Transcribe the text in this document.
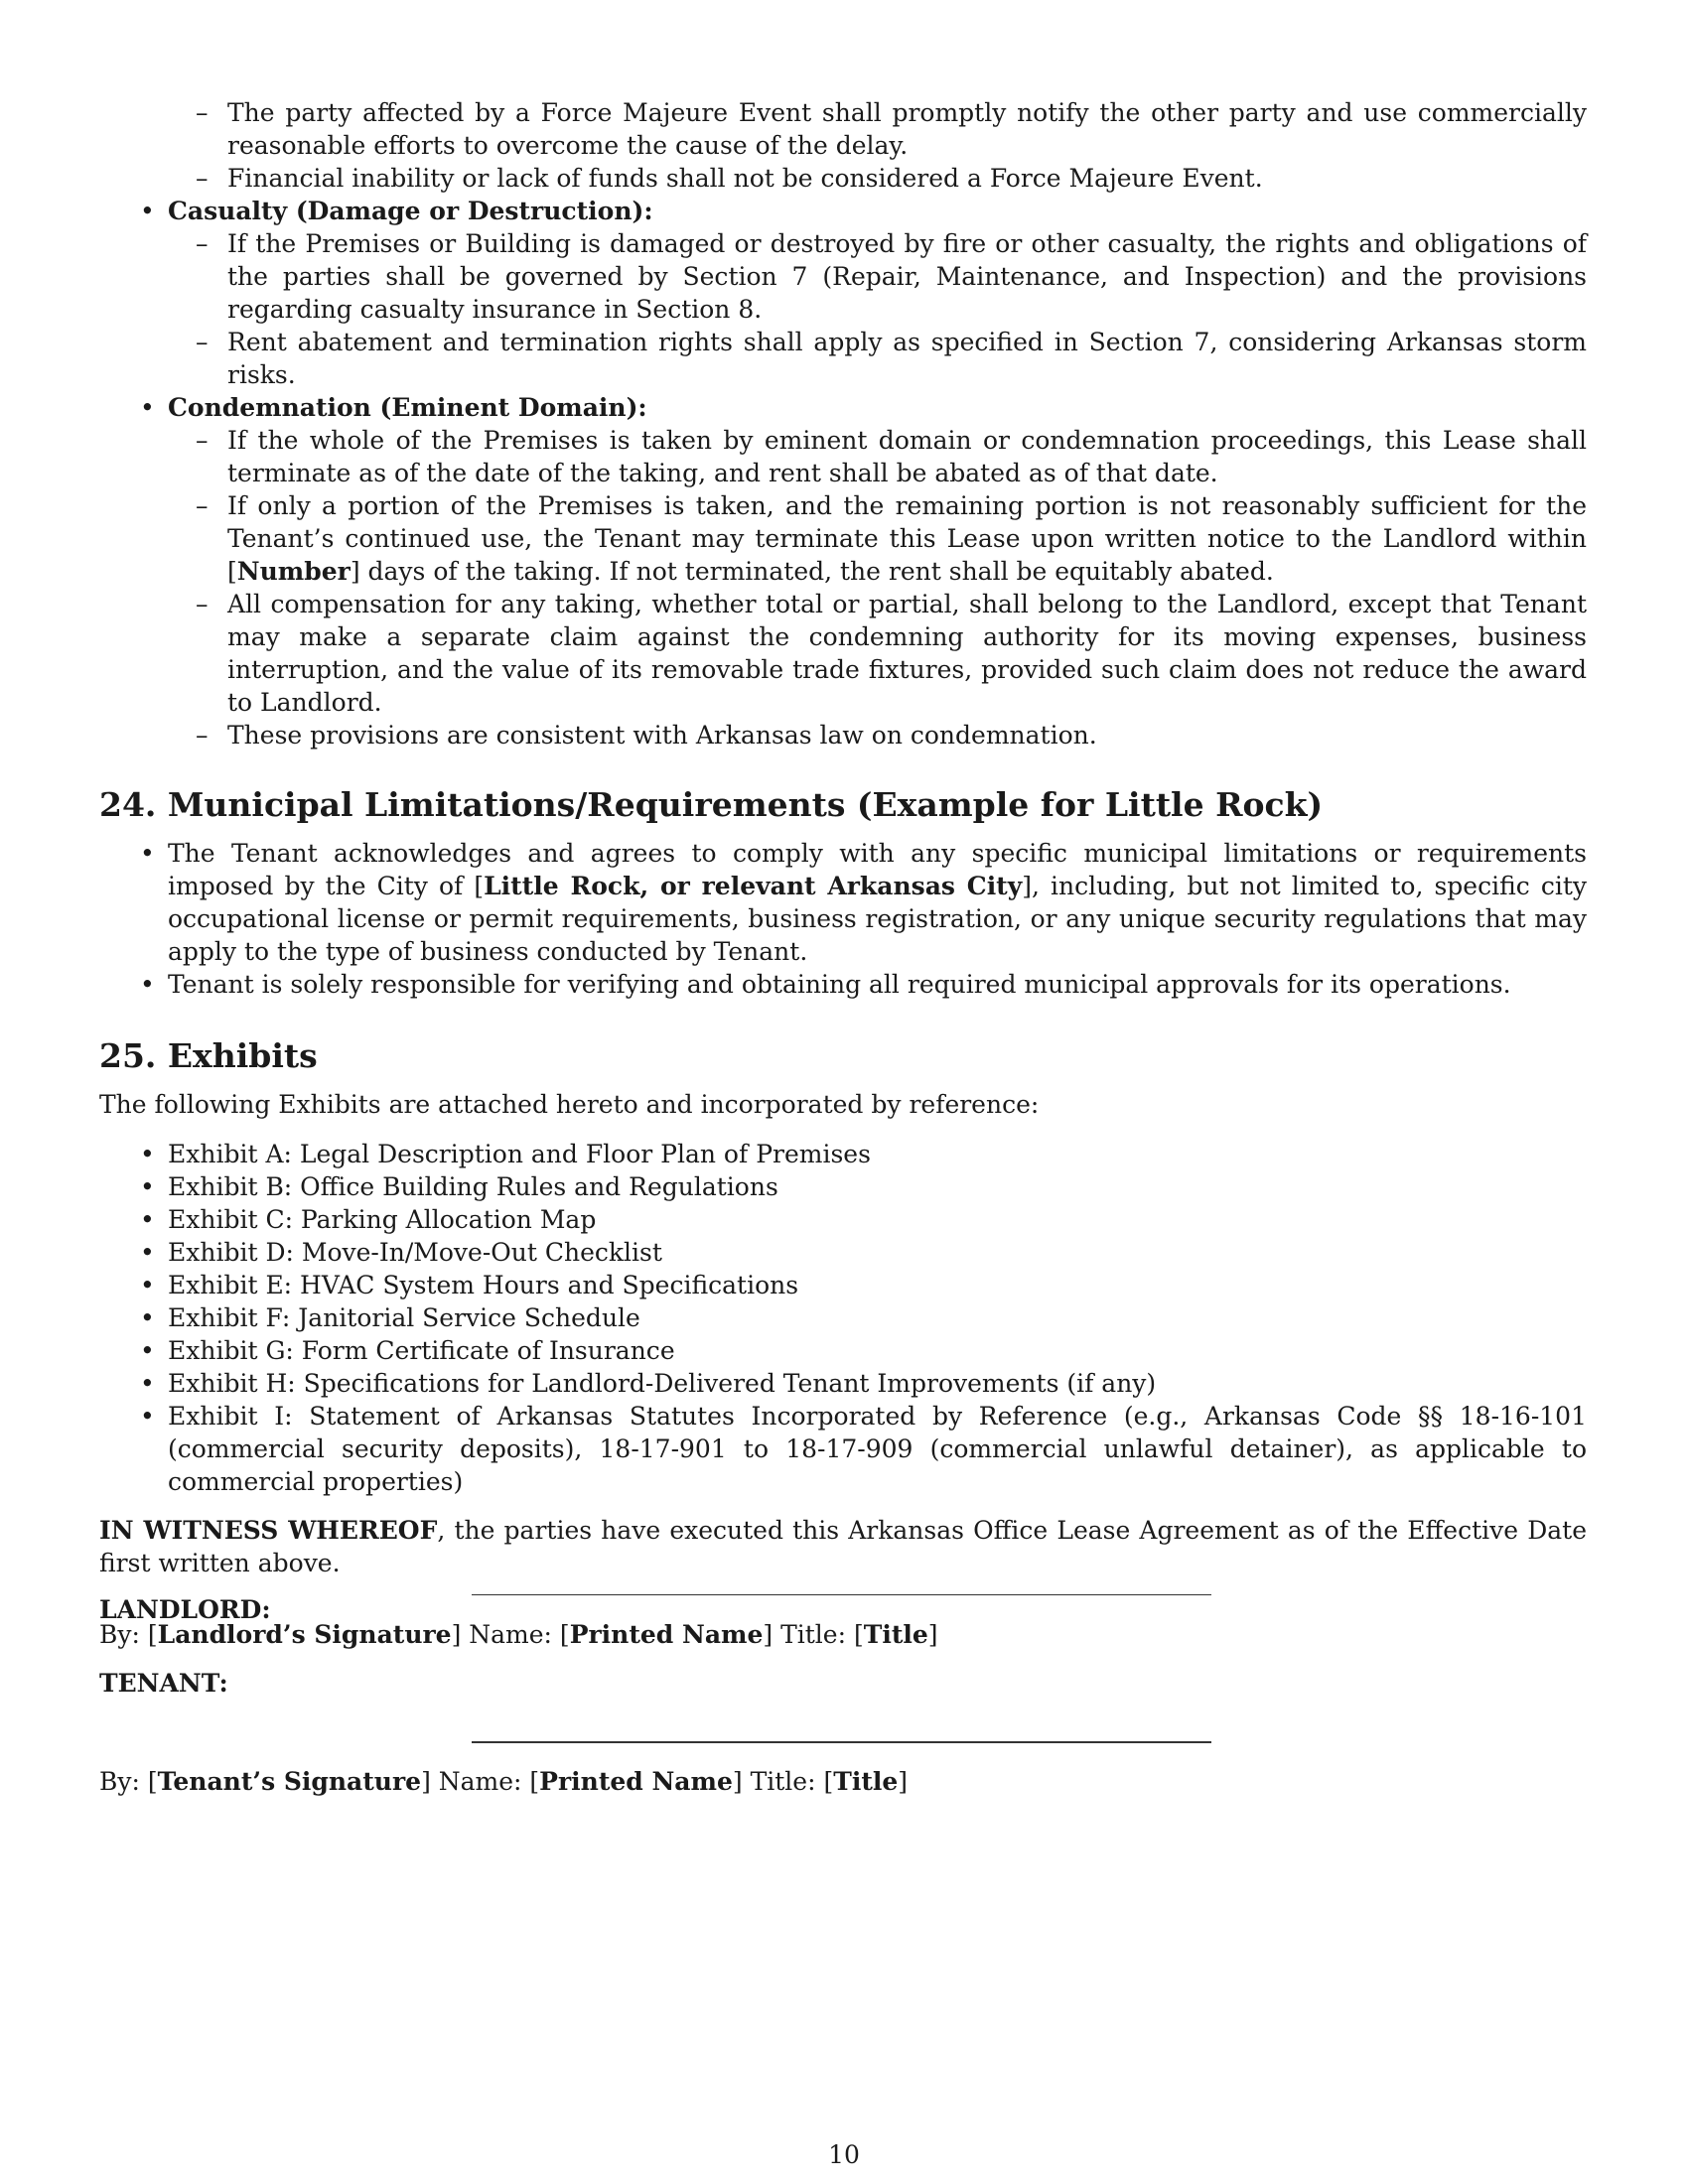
– The party affected by a Force Majeure Event shall promptly notify the other party and use commercially reasonable efforts to overcome the cause of the delay.
– Financial inability or lack of funds shall not be considered a Force Majeure Event.
• Casualty (Damage or Destruction):
– If the Premises or Building is damaged or destroyed by fire or other casualty, the rights and obligations of the parties shall be governed by Section 7 (Repair, Maintenance, and Inspection) and the provisions regarding casualty insurance in Section 8.
– Rent abatement and termination rights shall apply as specified in Section 7, considering Arkansas storm risks.
• Condemnation (Eminent Domain):
– If the whole of the Premises is taken by eminent domain or condemnation proceedings, this Lease shall terminate as of the date of the taking, and rent shall be abated as of that date.
– If only a portion of the Premises is taken, and the remaining portion is not reasonably sufficient for the Tenant’s continued use, the Tenant may terminate this Lease upon written notice to the Landlord within [Number] days of the taking. If not terminated, the rent shall be equitably abated.
– All compensation for any taking, whether total or partial, shall belong to the Landlord, except that Tenant may make a separate claim against the condemning authority for its moving expenses, business interruption, and the value of its removable trade fixtures, provided such claim does not reduce the award to Landlord.
– These provisions are consistent with Arkansas law on condemnation.
24. Municipal Limitations/Requirements (Example for Little Rock)
• The Tenant acknowledges and agrees to comply with any specific municipal limitations or requirements imposed by the City of [Little Rock, or relevant Arkansas City], including, but not limited to, specific city occupational license or permit requirements, business registration, or any unique security regulations that may apply to the type of business conducted by Tenant.
• Tenant is solely responsible for verifying and obtaining all required municipal approvals for its operations.
25. Exhibits

The following Exhibits are attached hereto and incorporated by reference:

• Exhibit A: Legal Description and Floor Plan of Premises
• Exhibit B: Office Building Rules and Regulations
• Exhibit C: Parking Allocation Map
• Exhibit D: Move-In/Move-Out Checklist
• Exhibit E: HVAC System Hours and Specifications
• Exhibit F: Janitorial Service Schedule
• Exhibit G: Form Certificate of Insurance
• Exhibit H: Specifications for Landlord-Delivered Tenant Improvements (if any)
• Exhibit I: Statement of Arkansas Statutes Incorporated by Reference (e.g., Arkansas Code §§ 18-16-101 (commercial security deposits), 18-17-901 to 18-17-909 (commercial unlawful detainer), as applicable to commercial properties)

IN WITNESS WHEREOF, the parties have executed this Arkansas Office Lease Agreement as of the Effective Date first written above.

LANDLORD:

By: [Landlord’s Signature] Name: [Printed Name] Title: [Title]
TENANT:
By: [Tenant’s Signature] Name: [Printed Name] Title: [Title]
10
